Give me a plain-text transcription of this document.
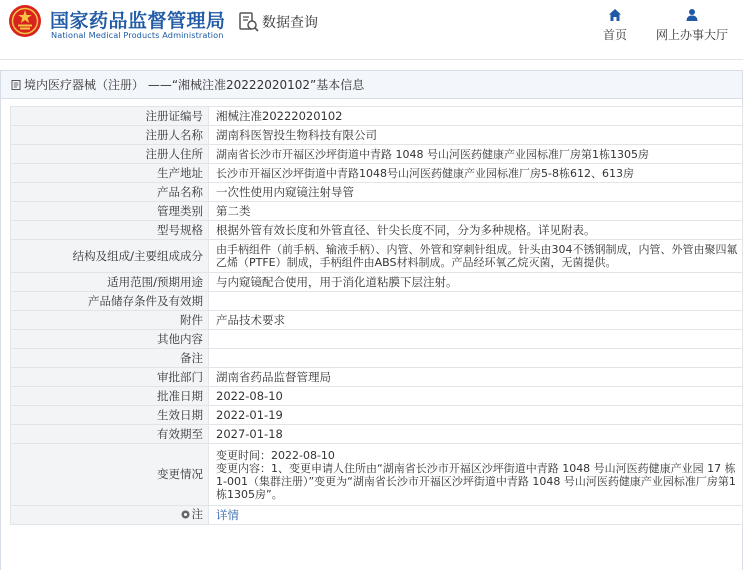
国家药品监督管理局
National Medical Products Administration
数据查询
首页	网上办事大厅
境内医疗器械（注册） ——“湘械注准20222020102”基本信息
注册证编号	湘械注准20222020102
注册人名称	湖南科医智投生物科技有限公司
注册人住所	湖南省长沙市开福区沙坪街道中青路 1048 号山河医药健康产业园标准厂房第1栋1305房
生产地址	长沙市开福区沙坪街道中青路1048号山河医药健康产业园标准厂房5-8栋612、613房
产品名称	一次性使用内窥镜注射导管
管理类别	第二类
型号规格	根据外管有效长度和外管直径、针尖长度不同，分为多种规格。详见附表。
结构及组成/主要组成成分	由手柄组件（前手柄、输液手柄）、内管、外管和穿刺针组成。针头由304不锈钢制成，内管、外管由聚四氟乙烯（PTFE）制成，手柄组件由ABS材料制成。产品经环氧乙烷灭菌，无菌提供。
适用范围/预期用途	与内窥镜配合使用，用于消化道粘膜下层注射。
产品储存条件及有效期	
附件	产品技术要求
其他内容	
备注	
审批部门	湖南省药品监督管理局
批准日期	2022-08-10
生效日期	2022-01-19
有效期至	2027-01-18
变更情况	变更时间：2022-08-10
变更内容：1、变更申请人住所由“湖南省长沙市开福区沙坪街道中青路 1048 号山河医药健康产业园 17 栋 1-001（集群注册）”变更为“湖南省长沙市开福区沙坪街道中青路 1048 号山河医药健康产业园标准厂房第1栋1305房”。

注	详情
